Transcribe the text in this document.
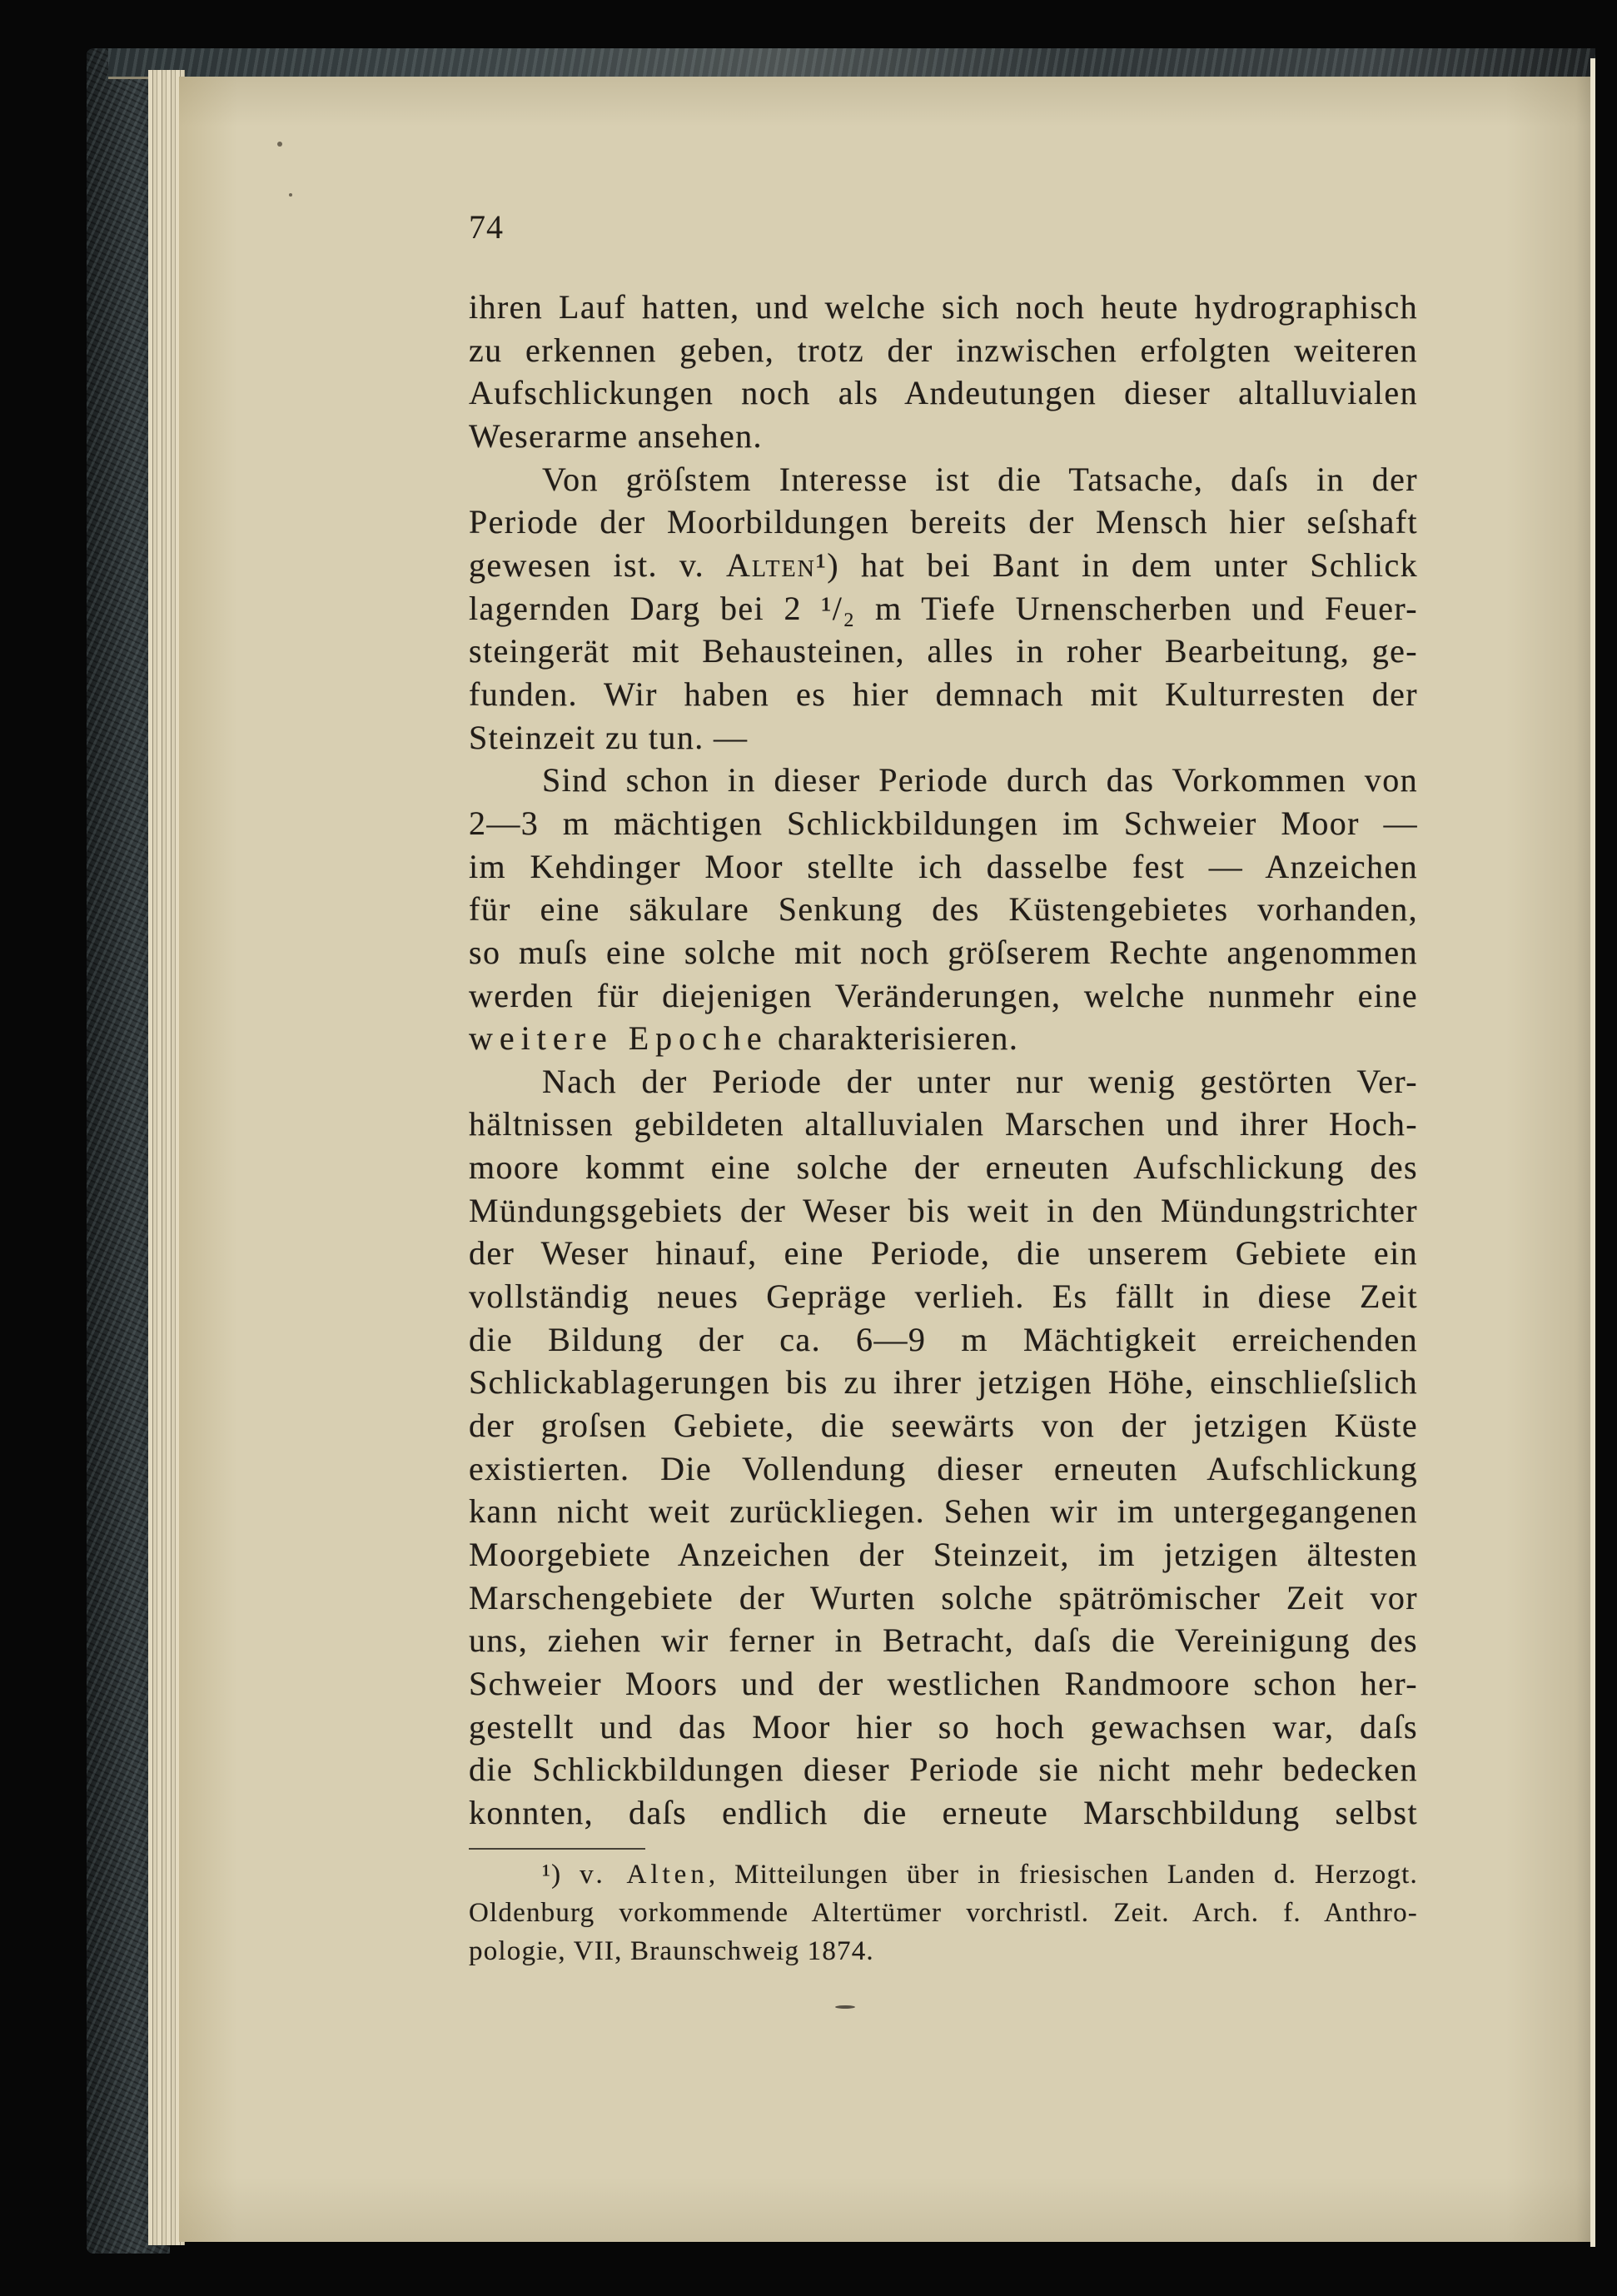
74
ihren Lauf hatten, und welche sich noch heute hydrographisch
zu erkennen geben, trotz der inzwischen erfolgten weiteren
Aufschlickungen noch als Andeutungen dieser altalluvialen
Weserarme ansehen.
Von gröſstem Interesse ist die Tatsache, daſs in der
Periode der Moorbildungen bereits der Mensch hier seſshaft
gewesen ist. v. Alten¹) hat bei Bant in dem unter Schlick
lagernden Darg bei 2 ¹/₂ m Tiefe Urnenscherben und Feuer-
steingerät mit Behausteinen, alles in roher Bearbeitung, ge-
funden. Wir haben es hier demnach mit Kulturresten der
Steinzeit zu tun. —
Sind schon in dieser Periode durch das Vorkommen von
2—3 m mächtigen Schlickbildungen im Schweier Moor —
im Kehdinger Moor stellte ich dasselbe fest — Anzeichen
für eine säkulare Senkung des Küstengebietes vorhanden,
so muſs eine solche mit noch gröſserem Rechte angenommen
werden für diejenigen Veränderungen, welche nunmehr eine
weitere Epoche charakterisieren.
Nach der Periode der unter nur wenig gestörten Ver-
hältnissen gebildeten altalluvialen Marschen und ihrer Hoch-
moore kommt eine solche der erneuten Aufschlickung des
Mündungsgebiets der Weser bis weit in den Mündungstrichter
der Weser hinauf, eine Periode, die unserem Gebiete ein
vollständig neues Gepräge verlieh. Es fällt in diese Zeit
die Bildung der ca. 6—9 m Mächtigkeit erreichenden
Schlickablagerungen bis zu ihrer jetzigen Höhe, einschlieſslich
der groſsen Gebiete, die seewärts von der jetzigen Küste
existierten. Die Vollendung dieser erneuten Aufschlickung
kann nicht weit zurückliegen. Sehen wir im untergegangenen
Moorgebiete Anzeichen der Steinzeit, im jetzigen ältesten
Marschengebiete der Wurten solche spätrömischer Zeit vor
uns, ziehen wir ferner in Betracht, daſs die Vereinigung des
Schweier Moors und der westlichen Randmoore schon her-
gestellt und das Moor hier so hoch gewachsen war, daſs
die Schlickbildungen dieser Periode sie nicht mehr bedecken
konnten, daſs endlich die erneute Marschbildung selbst
¹) v. Alten, Mitteilungen über in friesischen Landen d. Herzogt.
Oldenburg vorkommende Altertümer vorchristl. Zeit. Arch. f. Anthro-
pologie, VII, Braunschweig 1874.
